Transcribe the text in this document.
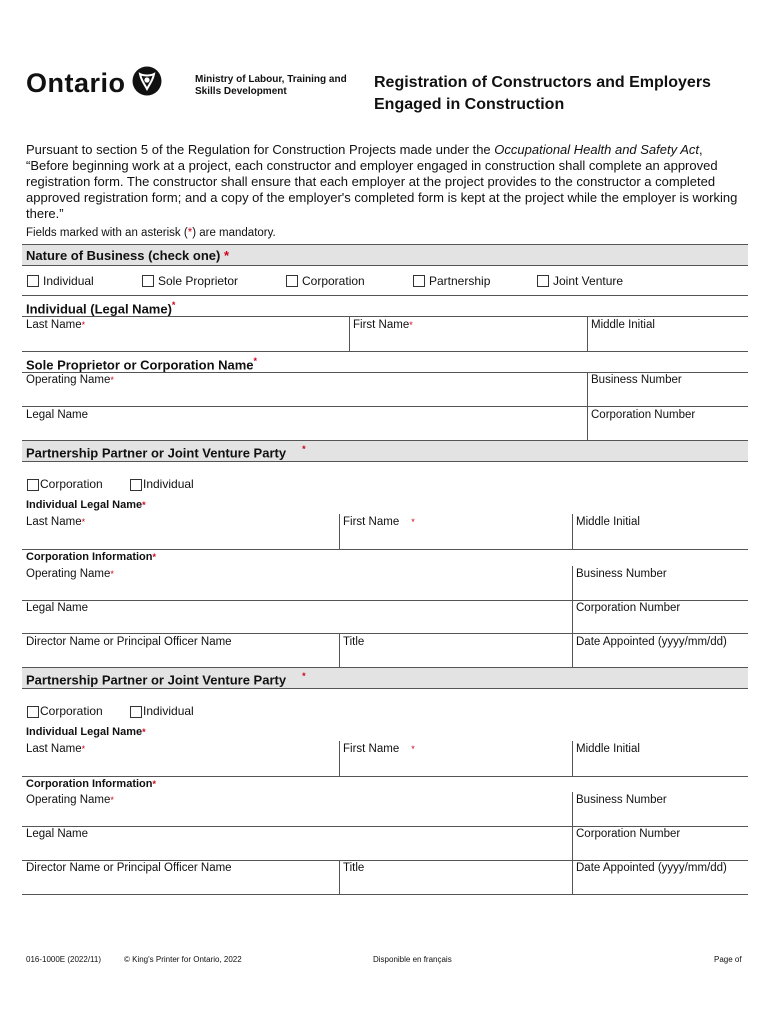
Ontario	Ministry of Labour, Training and Skills Development
Registration of Constructors and Employers Engaged in Construction
Pursuant to section 5 of the Regulation for Construction Projects made under the Occupational Health and Safety Act, “Before beginning work at a project, each constructor and employer engaged in construction shall complete an approved registration form. The constructor shall ensure that each employer at the project provides to the constructor a completed approved registration form; and a copy of the employer's completed form is kept at the project while the employer is working there.”
Fields marked with an asterisk (*) are mandatory.
Nature of Business (check one) *
Individual	Sole Proprietor	Corporation	Partnership	Joint Venture
Individual (Legal Name)*
Last Name*	First Name*	Middle Initial
Sole Proprietor or Corporation Name*
Operating Name*	Business Number
Legal Name	Corporation Number
Partnership Partner or Joint Venture Party *
Corporation	Individual
Individual Legal Name*
Last Name*	First Name *	Middle Initial
Corporation Information*
Operating Name*	Business Number
Legal Name	Corporation Number
Director Name or Principal Officer Name	Title	Date Appointed (yyyy/mm/dd)
Partnership Partner or Joint Venture Party *
Corporation	Individual
Individual Legal Name*
Last Name*	First Name *	Middle Initial
Corporation Information*
Operating Name*	Business Number
Legal Name	Corporation Number
Director Name or Principal Officer Name	Title	Date Appointed (yyyy/mm/dd)
016-1000E (2022/11)	© King's Printer for Ontario, 2022	Disponible en français	Page of
